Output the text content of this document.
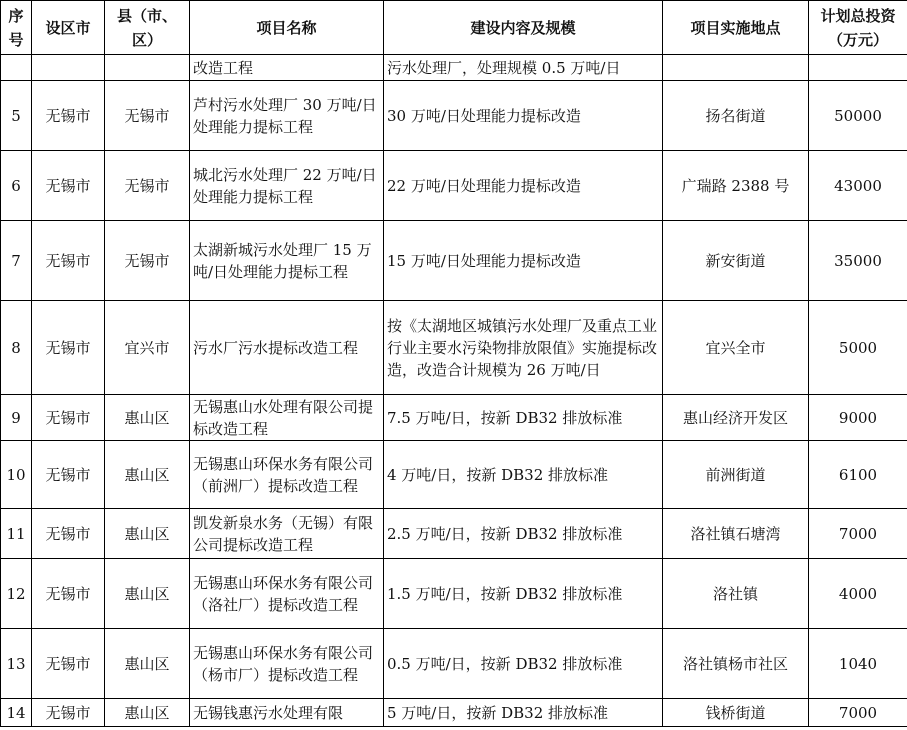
序号	设区市	县（市、区）	项目名称	建设内容及规模	项目实施地点	计划总投资（万元）
			改造工程	污水处理厂，处理规模 0.5 万吨/日		
5	无锡市	无锡市	芦村污水处理厂 30 万吨/日处理能力提标工程	30 万吨/日处理能力提标改造	扬名街道	50000
6	无锡市	无锡市	城北污水处理厂 22 万吨/日处理能力提标工程	22 万吨/日处理能力提标改造	广瑞路 2388 号	43000
7	无锡市	无锡市	太湖新城污水处理厂 15 万吨/日处理能力提标工程	15 万吨/日处理能力提标改造	新安街道	35000
8	无锡市	宜兴市	污水厂污水提标改造工程	按《太湖地区城镇污水处理厂及重点工业行业主要水污染物排放限值》实施提标改造，改造合计规模为 26 万吨/日	宜兴全市	5000
9	无锡市	惠山区	无锡惠山水处理有限公司提标改造工程	7.5 万吨/日，按新 DB32 排放标准	惠山经济开发区	9000
10	无锡市	惠山区	无锡惠山环保水务有限公司（前洲厂）提标改造工程	4 万吨/日，按新 DB32 排放标准	前洲街道	6100
11	无锡市	惠山区	凯发新泉水务（无锡）有限公司提标改造工程	2.5 万吨/日，按新 DB32 排放标准	洛社镇石塘湾	7000
12	无锡市	惠山区	无锡惠山环保水务有限公司（洛社厂）提标改造工程	1.5 万吨/日，按新 DB32 排放标准	洛社镇	4000
13	无锡市	惠山区	无锡惠山环保水务有限公司（杨市厂）提标改造工程	0.5 万吨/日，按新 DB32 排放标准	洛社镇杨市社区	1040
14	无锡市	惠山区	无锡钱惠污水处理有限	5 万吨/日，按新 DB32 排放标准	钱桥街道	7000
